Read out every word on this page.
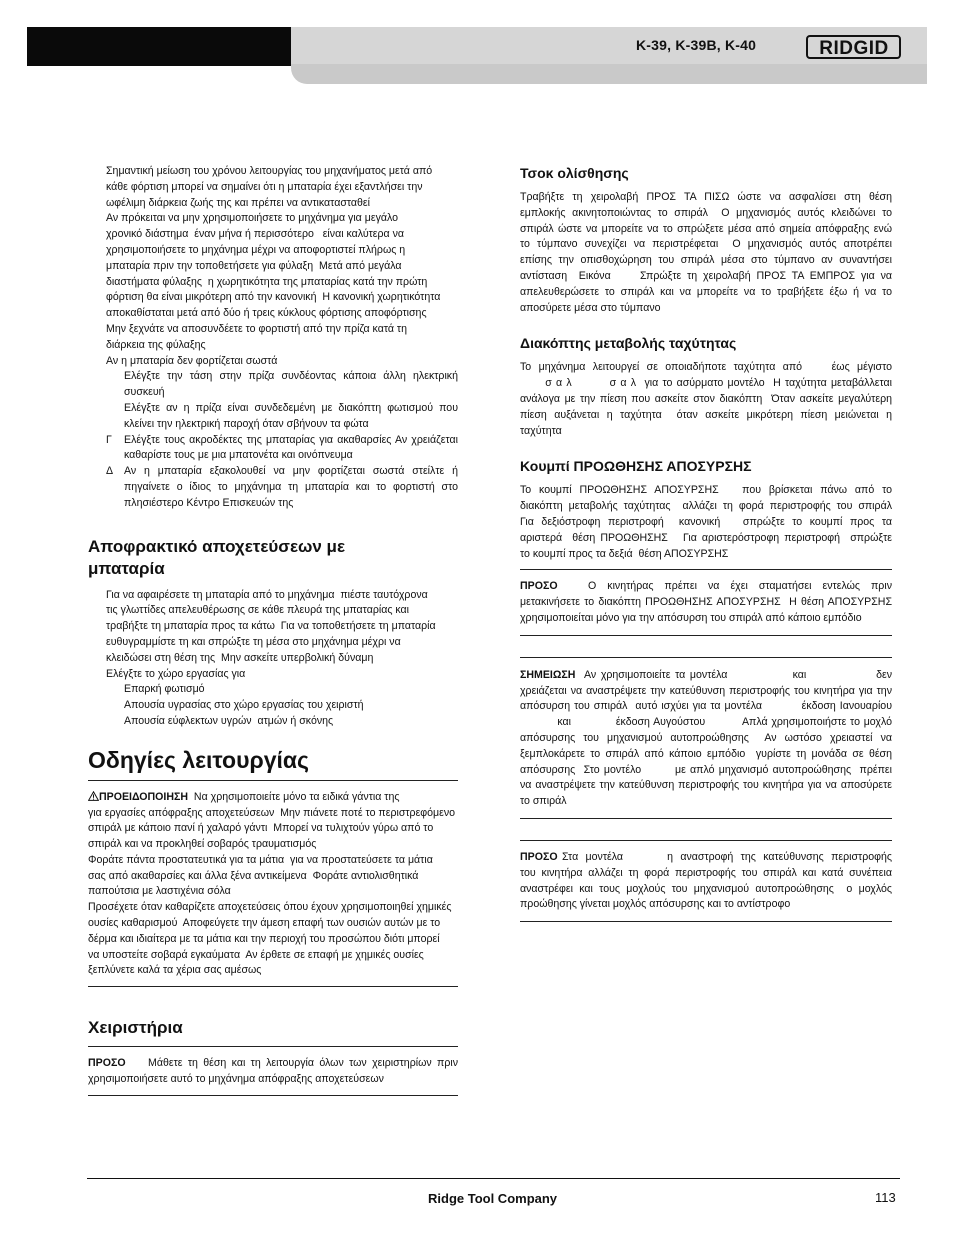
K-39, K-39B, K-40	RIDGID

Σημαντική μείωση του χρόνου λειτουργίας του μηχανήματος μετά από

κάθε φόρτιση μπορεί να σημαίνει ότι η μπαταρία έχει εξαντλήσει την

ωφέλιμη διάρκεια ζωής της και πρέπει να αντικατασταθεί

Αν πρόκειται να μην χρησιμοποιήσετε το μηχάνημα για μεγάλο

χρονικό διάστημα  έναν μήνα ή περισσότερο   είναι καλύτερα να

χρησιμοποιήσετε το μηχάνημα μέχρι να αποφορτιστεί πλήρως η

μπαταρία πριν την τοποθετήσετε για φύλαξη  Μετά από μεγάλα

διαστήματα φύλαξης  η χωρητικότητα της μπαταρίας κατά την πρώτη

φόρτιση θα είναι μικρότερη από την κανονική  Η κανονική χωρητικότητα

αποκαθίσταται μετά από δύο ή τρεις κύκλους φόρτισης αποφόρτισης

Μην ξεχνάτε να αποσυνδέετε το φορτιστή από την πρίζα κατά τη

διάρκεια της φύλαξης

Αν η μπαταρία δεν φορτίζεται σωστά

Ελέγξτε την τάση στην πρίζα συνδέοντας κάποια άλλη ηλεκτρική συσκευή
Ελέγξτε αν η πρίζα είναι συνδεδεμένη με διακόπτη φωτισμού που κλείνει την ηλεκτρική παροχή όταν σβήνουν τα φώτα
Γ	Ελέγξτε τους ακροδέκτες της μπαταρίας για ακαθαρσίες Αν χρειάζεται καθαρίστε τους με μια μπατονέτα και οινόπνευμα
Δ	Αν η μπαταρία εξακολουθεί να μην φορτίζεται σωστά στείλτε ή πηγαίνετε ο ίδιος το μηχάνημα τη μπαταρία και το φορτιστή στο πλησιέστερο Κέντρο Επισκευών της

Αποφρακτικό αποχετεύσεων με

μπαταρία

Για να αφαιρέσετε τη μπαταρία από το μηχάνημα  πιέστε ταυτόχρονα

τις γλωττίδες απελευθέρωσης σε κάθε πλευρά της μπαταρίας και

τραβήξτε τη μπαταρία προς τα κάτω  Για να τοποθετήσετε τη μπαταρία

ευθυγραμμίστε τη και σπρώξτε τη μέσα στο μηχάνημα μέχρι να

κλειδώσει στη θέση της  Μην ασκείτε υπερβολική δύναμη

Ελέγξτε το χώρο εργασίας για

Επαρκή φωτισμό

Απουσία υγρασίας στο χώρο εργασίας του χειριστή

Απουσία εύφλεκτων υγρών  ατμών ή σκόνης

Οδηγίες λειτουργίας

ΠΡΟΕΙΔΟΠΟΙΗΣΗ Να χρησιμοποιείτε μόνο τα ειδικά γάντια της

για εργασίες απόφραξης αποχετεύσεων  Μην πιάνετε ποτέ το περιστρεφόμενο

σπιράλ με κάποιο πανί ή χαλαρό γάντι  Μπορεί να τυλιχτούν γύρω από το

σπιράλ και να προκληθεί σοβαρός τραυματισμός

Φοράτε πάντα προστατευτικά για τα μάτια  για να προστατεύσετε τα μάτια

σας από ακαθαρσίες και άλλα ξένα αντικείμενα  Φοράτε αντιολισθητικά

παπούτσια με λαστιχένια σόλα

Προσέχετε όταν καθαρίζετε αποχετεύσεις όπου έχουν χρησιμοποιηθεί χημικές

ουσίες καθαρισμού  Αποφεύγετε την άμεση επαφή των ουσιών αυτών με το

δέρμα και ιδιαίτερα με τα μάτια και την περιοχή του προσώπου διότι μπορεί

να υποστείτε σοβαρά εγκαύματα  Αν έρθετε σε επαφή με χημικές ουσίες

ξεπλύνετε καλά τα χέρια σας αμέσως

Χειριστήρια

ΠΡΟΣΟ Μάθετε τη θέση και τη λειτουργία όλων των χειριστηρίων πριν

χρησιμοποιήσετε αυτό το μηχάνημα απόφραξης αποχετεύσεων

Τσοκ ολίσθησης

Τραβήξτε τη χειρολαβή ΠΡΟΣ ΤΑ ΠΙΣΩ ώστε να ασφαλίσει στη θέση

εμπλοκής ακινητοποιώντας το σπιράλ  Ο μηχανισμός αυτός κλειδώνει το

σπιράλ ώστε να μπορείτε να το σπρώξετε μέσα από σημεία απόφραξης ενώ

το τύμπανο συνεχίζει να περιστρέφεται  Ο μηχανισμός αυτός αποτρέπει

επίσης την οπισθοχώρηση του σπιράλ μέσα στο τύμπανο αν συναντήσει

αντίσταση  Εικόνα     Σπρώξτε τη χειρολαβή ΠΡΟΣ ΤΑ ΕΜΠΡΟΣ για να

απελευθερώσετε το σπιράλ και να μπορείτε να το τραβήξετε έξω ή να το

αποσύρετε μέσα στο τύμπανο

Διακόπτης μεταβολής ταχύτητας

Το μηχάνημα λειτουργεί σε οποιαδήποτε ταχύτητα από    έως μέγιστο

σ α λ         σ α λ  για το ασύρματο μοντέλο  Η ταχύτητα μεταβάλλεται

ανάλογα με την πίεση που ασκείτε στον διακόπτη  Όταν ασκείτε μεγαλύτερη

πίεση αυξάνεται η ταχύτητα  όταν ασκείτε μικρότερη πίεση μειώνεται η

ταχύτητα

Κουμπί ΠΡΟΩΘΗΣΗΣ ΑΠΟΣΥΡΣΗΣ

Το κουμπί ΠΡΟΩΘΗΣΗΣ ΑΠΟΣΥΡΣΗΣ   που βρίσκεται πάνω από το

διακόπτη μεταβολής ταχύτητας  αλλάζει τη φορά περιστροφής του σπιράλ

Για δεξιόστροφη περιστροφή  κανονική   σπρώξτε το κουμπί προς τα

αριστερά  θέση ΠΡΟΩΘΗΣΗΣ   Για αριστερόστροφη περιστροφή  σπρώξτε

το κουμπί προς τα δεξιά  θέση ΑΠΟΣΥΡΣΗΣ

ΠΡΟΣΟ	Ο κινητήρας πρέπει να έχει σταματήσει εντελώς πριν

μετακινήσετε το διακόπτη ΠΡΟΩΘΗΣΗΣ ΑΠΟΣΥΡΣΗΣ  Η θέση ΑΠΟΣΥΡΣΗΣ

χρησιμοποιείται μόνο για την απόσυρση του σπιράλ από κάποιο εμπόδιο

ΣΗΜΕΙΩΣΗ Αν χρησιμοποιείτε τα μοντέλα              και               δεν

χρειάζεται να αναστρέψετε την κατεύθυνση περιστροφής του κινητήρα για την

απόσυρση του σπιράλ  αυτό ισχύει για τα μοντέλα          έκδοση Ιανουαρίου

και            έκδοση Αυγούστου          Απλά χρησιμοποιήστε το μοχλό

απόσυρσης του μηχανισμού αυτοπροώθησης  Αν ωστόσο χρειαστεί να

ξεμπλοκάρετε το σπιράλ από κάποιο εμπόδιο  γυρίστε τη μονάδα σε θέση

απόσυρσης  Στο μοντέλο        με απλό μηχανισμό αυτοπροώθησης  πρέπει

να αναστρέψετε την κατεύθυνση περιστροφής του κινητήρα για να αποσύρετε

το σπιράλ

ΠΡΟΣΟ Στα μοντέλα      η αναστροφή της κατεύθυνσης περιστροφής

του κινητήρα αλλάζει τη φορά περιστροφής του σπιράλ και κατά συνέπεια

αναστρέφει και τους μοχλούς του μηχανισμού αυτοπροώθησης  ο μοχλός

προώθησης γίνεται μοχλός απόσυρσης και το αντίστροφο

Ridge Tool Company	113
